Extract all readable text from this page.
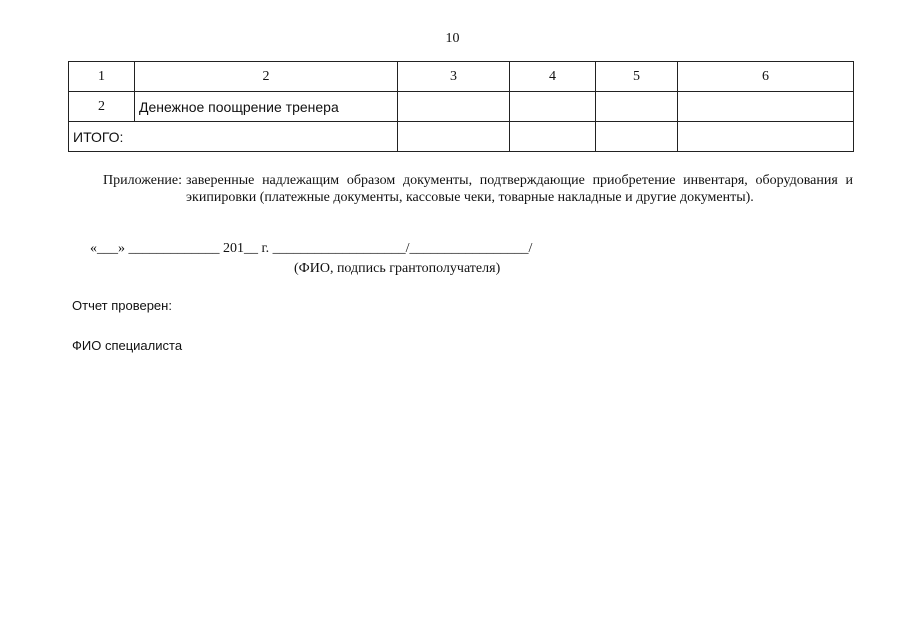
10
1	2	3	4	5	6
2	Денежное поощрение тренера				
ИТОГО:					
Приложение: заверенные надлежащим образом документы, подтверждающие приобретение инвентаря, оборудования и экипировки (платежные документы, кассовые чеки, товарные накладные и другие документы).
«___» _____________ 201__ г. ___________________/_________________/
(ФИО, подпись грантополучателя)
Отчет проверен:
ФИО специалиста
